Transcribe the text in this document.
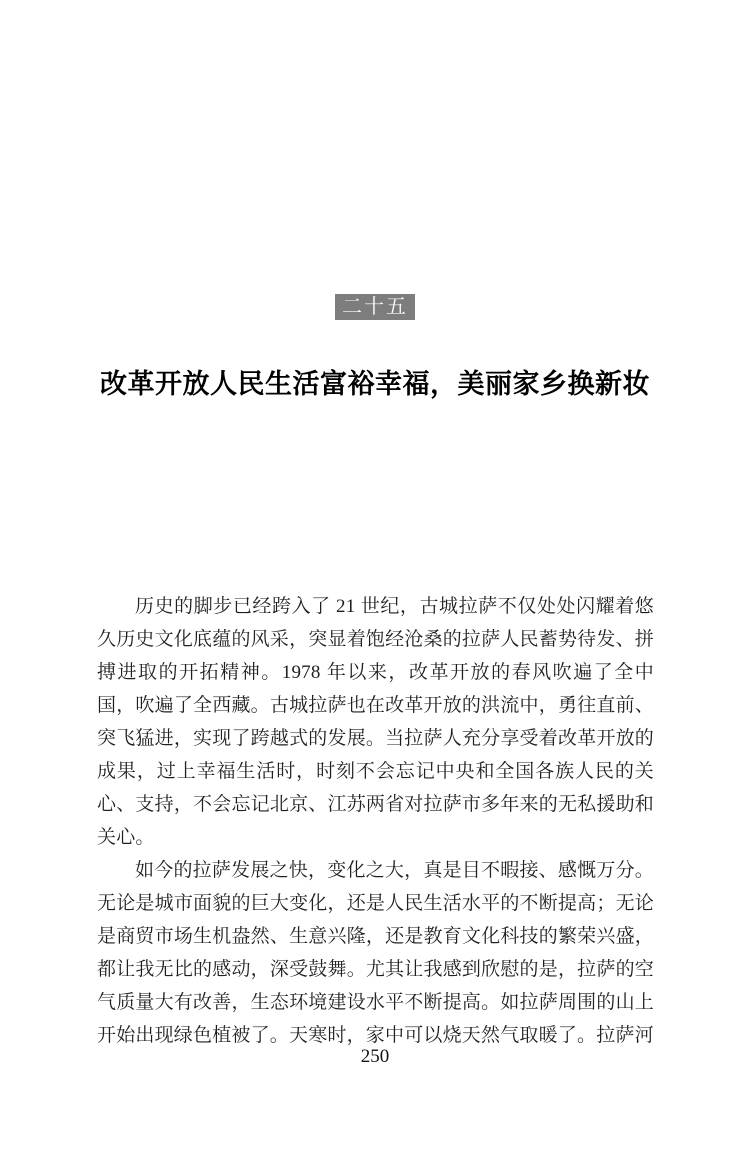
二十五
改革开放人民生活富裕幸福，美丽家乡换新妆

历史的脚步已经跨入了 21 世纪，古城拉萨不仅处处闪耀着悠久历史文化底蕴的风采，突显着饱经沧桑的拉萨人民蓄势待发、拼搏进取的开拓精神。1978 年以来，改革开放的春风吹遍了全中国，吹遍了全西藏。古城拉萨也在改革开放的洪流中，勇往直前、突飞猛进，实现了跨越式的发展。当拉萨人充分享受着改革开放的成果，过上幸福生活时，时刻不会忘记中央和全国各族人民的关心、支持，不会忘记北京、江苏两省对拉萨市多年来的无私援助和关心。

如今的拉萨发展之快，变化之大，真是目不暇接、感慨万分。无论是城市面貌的巨大变化，还是人民生活水平的不断提高；无论是商贸市场生机盎然、生意兴隆，还是教育文化科技的繁荣兴盛，都让我无比的感动，深受鼓舞。尤其让我感到欣慰的是，拉萨的空气质量大有改善，生态环境建设水平不断提高。如拉萨周围的山上开始出现绿色植被了。天寒时，家中可以烧天然气取暖了。拉萨河

250
